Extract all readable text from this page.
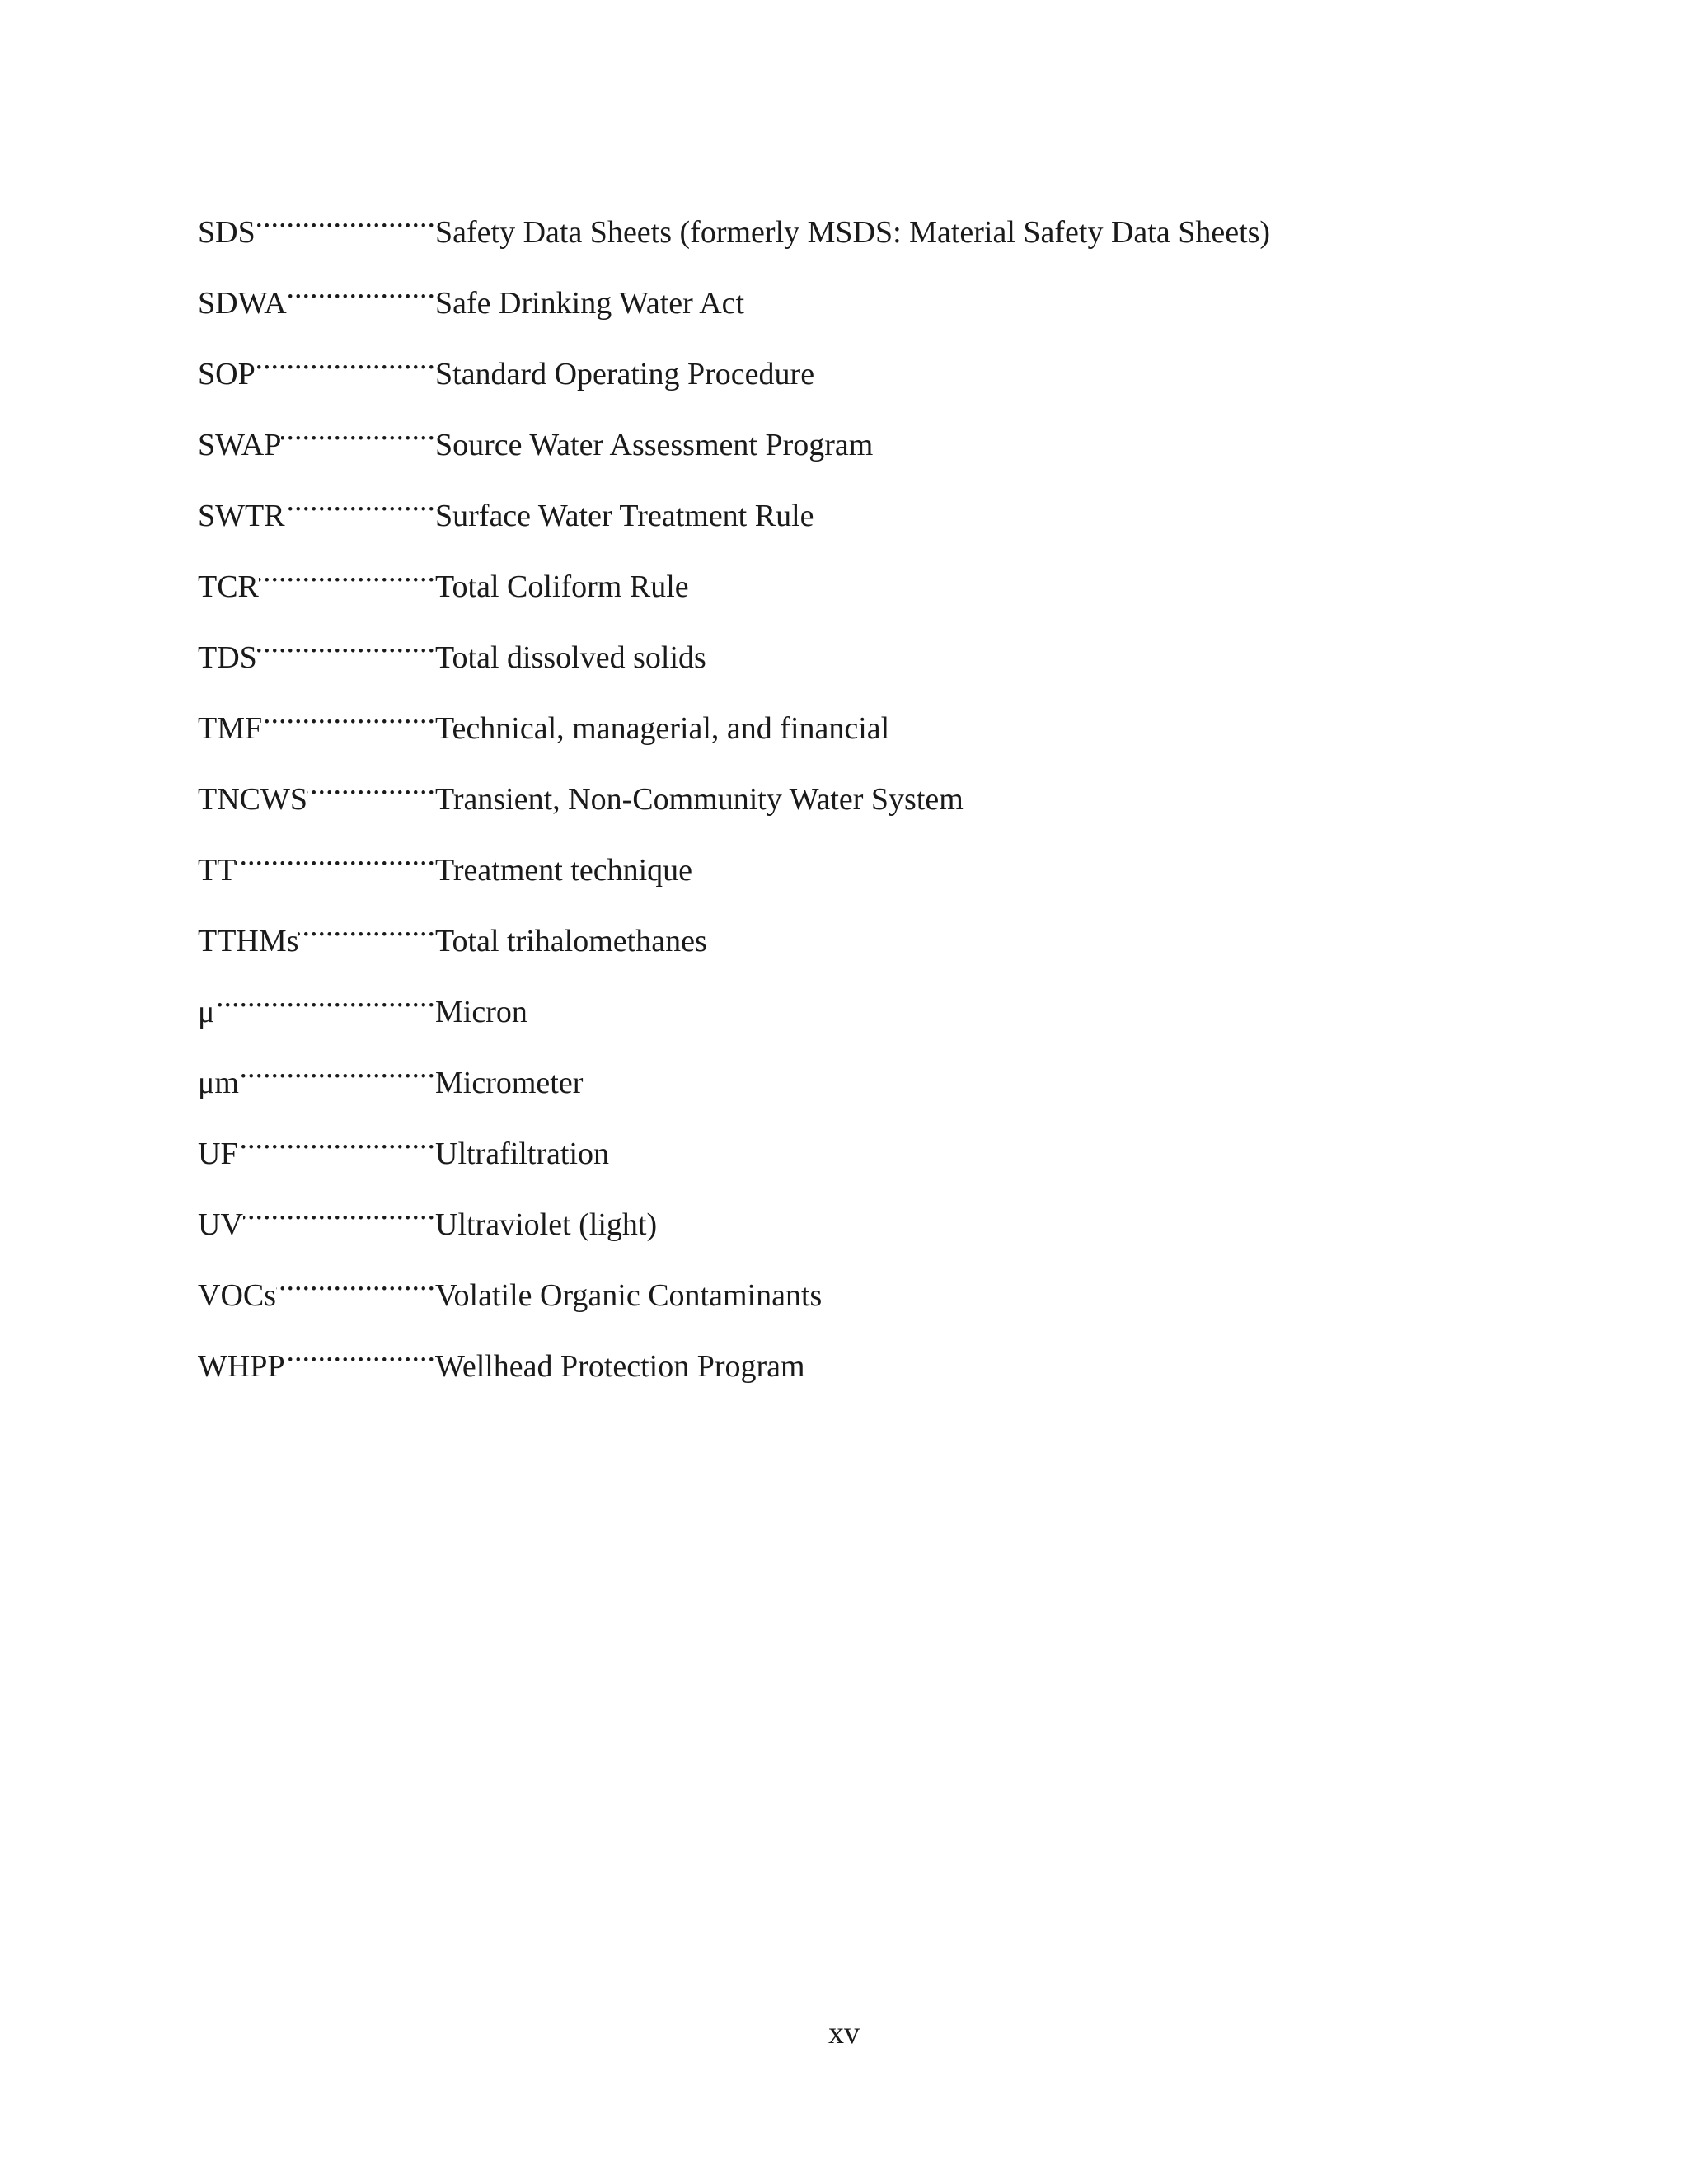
SDS .....	Safety Data Sheets (formerly MSDS: Material Safety Data Sheets)
SDWA .....	Safe Drinking Water Act
SOP .....	Standard Operating Procedure
SWAP .....	Source Water Assessment Program
SWTR .....	Surface Water Treatment Rule
TCR .....	Total Coliform Rule
TDS .....	Total dissolved solids
TMF .....	Technical, managerial, and financial
TNCWS .....	Transient, Non-Community Water System
TT .....	Treatment technique
TTHMs .....	Total trihalomethanes
μ .....	Micron
μm .....	Micrometer
UF .....	Ultrafiltration
UV .....	Ultraviolet (light)
VOCs .....	Volatile Organic Contaminants
WHPP .....	Wellhead Protection Program
xv
